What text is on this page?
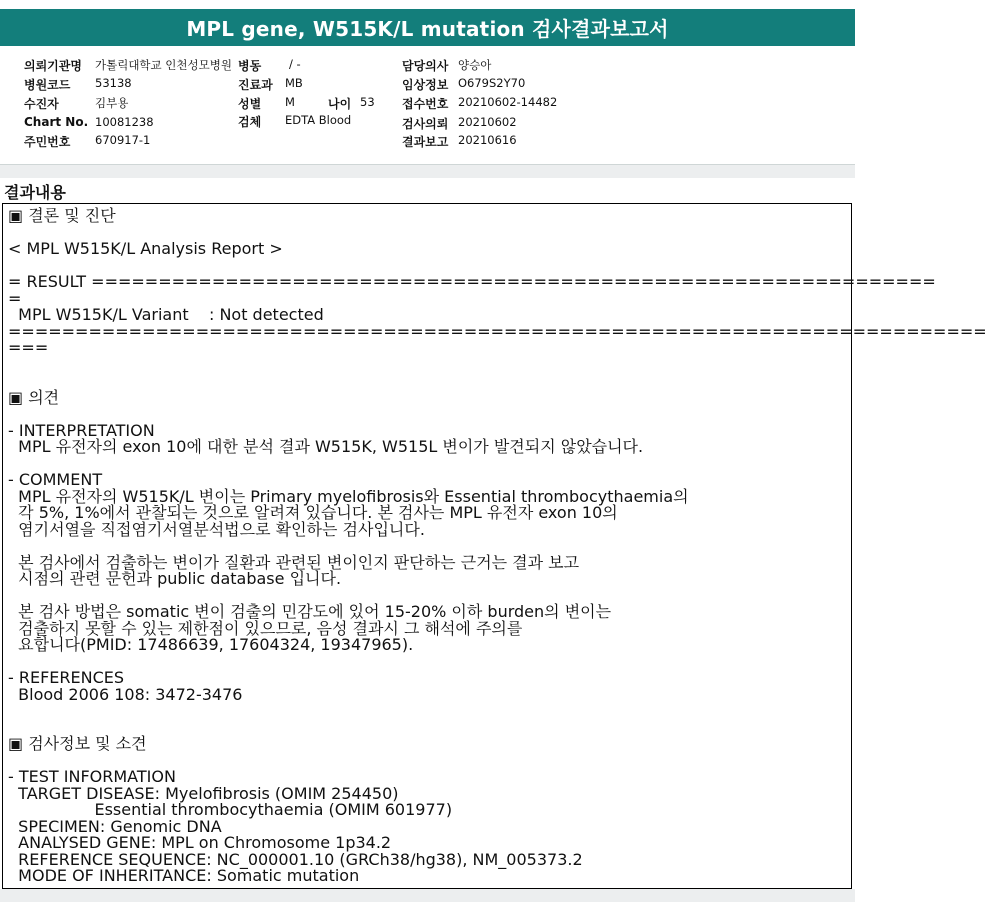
MPL gene, W515K/L mutation 검사결과보고서
의뢰기관명 가톨릭대학교 인천성모병원 병동 / -	담당의사 양승아
병원코드 53138	진료과 MB	임상정보 O679S2Y70
수진자	김부용	성별 M	나이 53 접수번호 20210602-14482
Chart No. 10081238	검체 EDTA Blood	검사의뢰 20210602
주민번호 670917-1	결과보고 20210616
결과내용
▣ 결론 및 진단
< MPL W515K/L Analysis Report >
= RESULT ===============================================================
=
MPL W515K/L Variant    : Not detected
=========================================================================
===
▣ 의견
- INTERPRETATION
MPL 유전자의 exon 10에 대한 분석 결과 W515K, W515L 변이가 발견되지 않았습니다.
- COMMENT
MPL 유전자의 W515K/L 변이는 Primary myelofibrosis와 Essential thrombocythaemia의
각 5%, 1%에서 관찰되는 것으로 알려져 있습니다. 본 검사는 MPL 유전자 exon 10의
염기서열을 직접염기서열분석법으로 확인하는 검사입니다.
본 검사에서 검출하는 변이가 질환과 관련된 변이인지 판단하는 근거는 결과 보고
시점의 관련 문헌과 public database 입니다.
본 검사 방법은 somatic 변이 검출의 민감도에 있어 15-20% 이하 burden의 변이는
검출하지 못할 수 있는 제한점이 있으므로, 음성 결과시 그 해석에 주의를
요합니다(PMID: 17486639, 17604324, 19347965).
- REFERENCES
Blood 2006 108: 3472-3476
▣ 검사정보 및 소견
- TEST INFORMATION
TARGET DISEASE: Myelofibrosis (OMIM 254450)
Essential thrombocythaemia (OMIM 601977)
SPECIMEN: Genomic DNA
ANALYSED GENE: MPL on Chromosome 1p34.2
REFERENCE SEQUENCE: NC_000001.10 (GRCh38/hg38), NM_005373.2
MODE OF INHERITANCE: Somatic mutation
